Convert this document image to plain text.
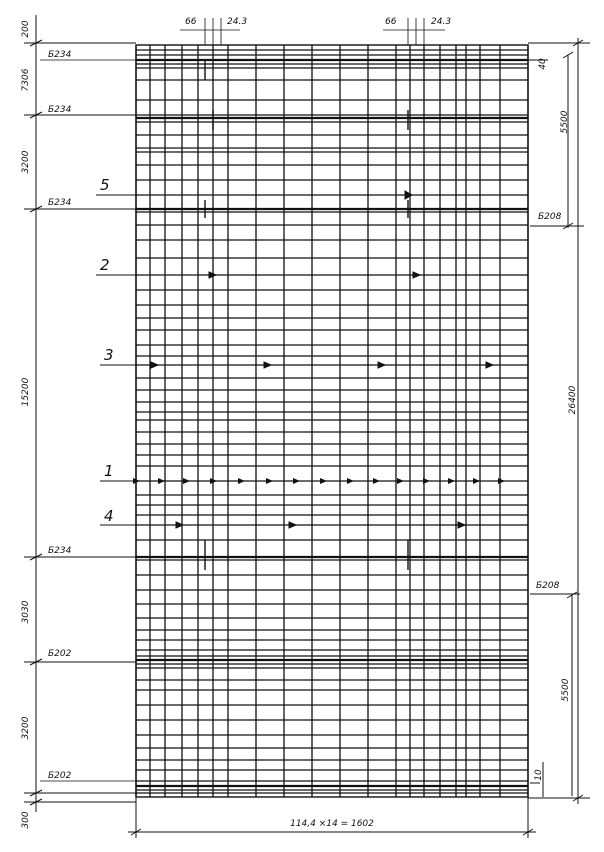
200
7306
3200
15200
3030
3200
300
Б234
Б234
Б234
Б234
Б202
Б202
66	24.3	66	24.3
5500
26400
5500
40
10
Б208
Б208
114,4 ×14 = 1602
5
2
3
1
4
